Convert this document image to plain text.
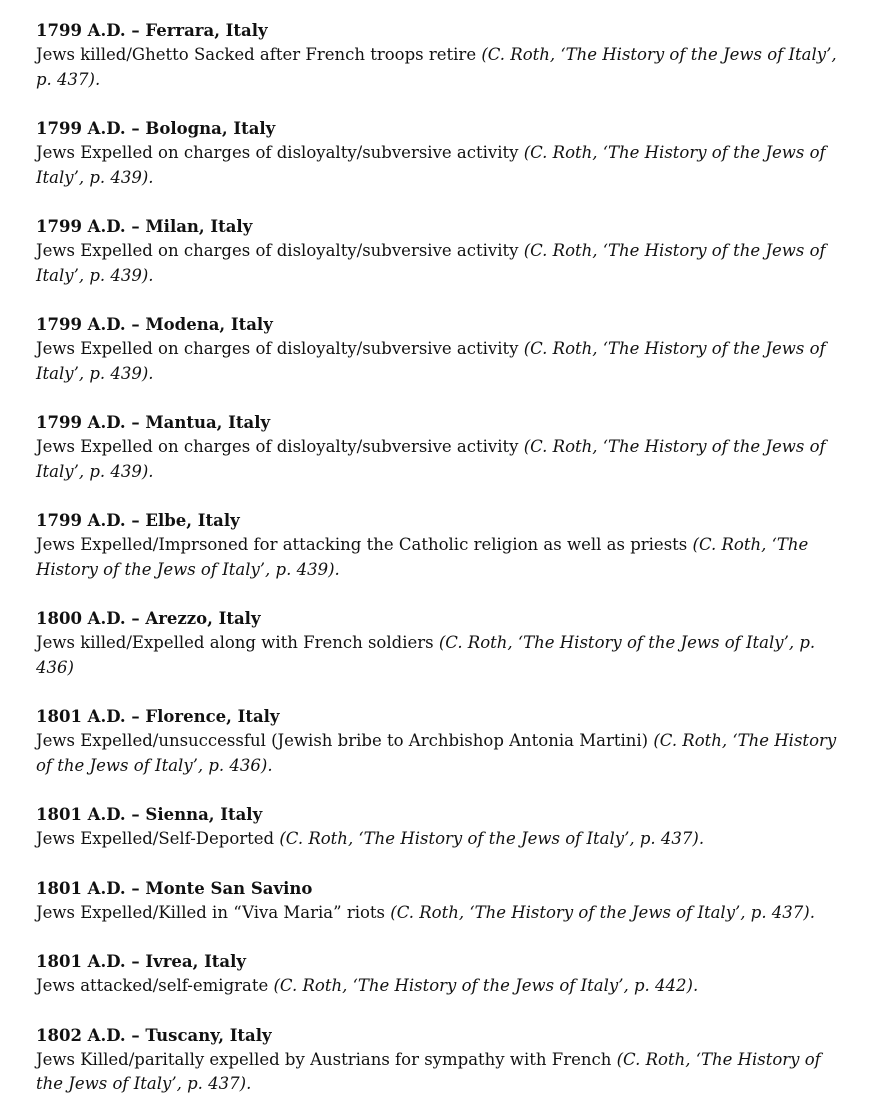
1799 A.D. – Ferrara, Italy
Jews killed/Ghetto Sacked after French troops retire (C. Roth, ‘The History of the Jews of Italy’, p. 437).
1799 A.D. – Bologna, Italy
Jews Expelled on charges of disloyalty/subversive activity (C. Roth, ‘The History of the Jews of Italy’, p. 439).
1799 A.D. – Milan, Italy
Jews Expelled on charges of disloyalty/subversive activity (C. Roth, ‘The History of the Jews of Italy’, p. 439).
1799 A.D. – Modena, Italy
Jews Expelled on charges of disloyalty/subversive activity (C. Roth, ‘The History of the Jews of Italy’, p. 439).
1799 A.D. – Mantua, Italy
Jews Expelled on charges of disloyalty/subversive activity (C. Roth, ‘The History of the Jews of Italy’, p. 439).
1799 A.D. – Elbe, Italy
Jews Expelled/Imprsoned for attacking the Catholic religion as well as priests (C. Roth, ‘The History of the Jews of Italy’, p. 439).
1800 A.D. – Arezzo, Italy
Jews killed/Expelled along with French soldiers (C. Roth, ‘The History of the Jews of Italy’, p. 436)
1801 A.D. – Florence, Italy
Jews Expelled/unsuccessful (Jewish bribe to Archbishop Antonia Martini) (C. Roth, ‘The History of the Jews of Italy’, p. 436).
1801 A.D. – Sienna, Italy
Jews Expelled/Self-Deported (C. Roth, ‘The History of the Jews of Italy’, p. 437).
1801 A.D. – Monte San Savino
Jews Expelled/Killed in “Viva Maria” riots (C. Roth, ‘The History of the Jews of Italy’, p. 437).
1801 A.D. – Ivrea, Italy
Jews attacked/self-emigrate (C. Roth, ‘The History of the Jews of Italy’, p. 442).
1802 A.D. – Tuscany, Italy
Jews Killed/paritally expelled by Austrians for sympathy with French (C. Roth, ‘The History of the Jews of Italy’, p. 437).
